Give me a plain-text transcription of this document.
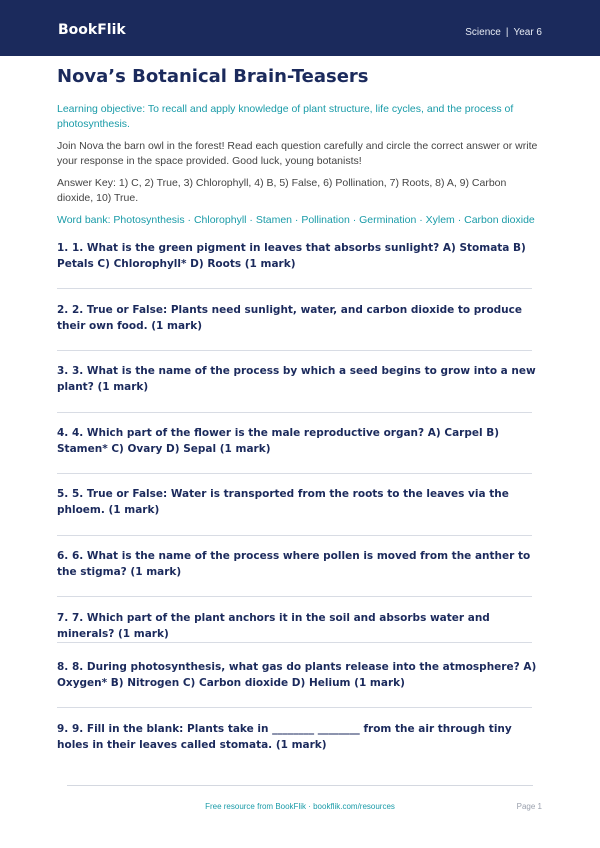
BookFlik	Science | Year 6
Nova’s Botanical Brain-Teasers
Learning objective: To recall and apply knowledge of plant structure, life cycles, and the process of photosynthesis.
Join Nova the barn owl in the forest! Read each question carefully and circle the correct answer or write your response in the space provided. Good luck, young botanists!
Answer Key: 1) C, 2) True, 3) Chlorophyll, 4) B, 5) False, 6) Pollination, 7) Roots, 8) A, 9) Carbon dioxide, 10) True.
Word bank: Photosynthesis · Chlorophyll · Stamen · Pollination · Germination · Xylem · Carbon dioxide
1. 1. What is the green pigment in leaves that absorbs sunlight? A) Stomata B) Petals C) Chlorophyll* D) Roots (1 mark)
2. 2. True or False: Plants need sunlight, water, and carbon dioxide to produce their own food. (1 mark)
3. 3. What is the name of the process by which a seed begins to grow into a new plant? (1 mark)
4. 4. Which part of the flower is the male reproductive organ? A) Carpel B) Stamen* C) Ovary D) Sepal (1 mark)
5. 5. True or False: Water is transported from the roots to the leaves via the phloem. (1 mark)
6. 6. What is the name of the process where pollen is moved from the anther to the stigma? (1 mark)
7. 7. Which part of the plant anchors it in the soil and absorbs water and minerals? (1 mark)
8. 8. During photosynthesis, what gas do plants release into the atmosphere? A) Oxygen* B) Nitrogen C) Carbon dioxide D) Helium (1 mark)
9. 9. Fill in the blank: Plants take in ________ ________ from the air through tiny holes in their leaves called stomata. (1 mark)
Free resource from BookFlik · bookflik.com/resources	Page 1
